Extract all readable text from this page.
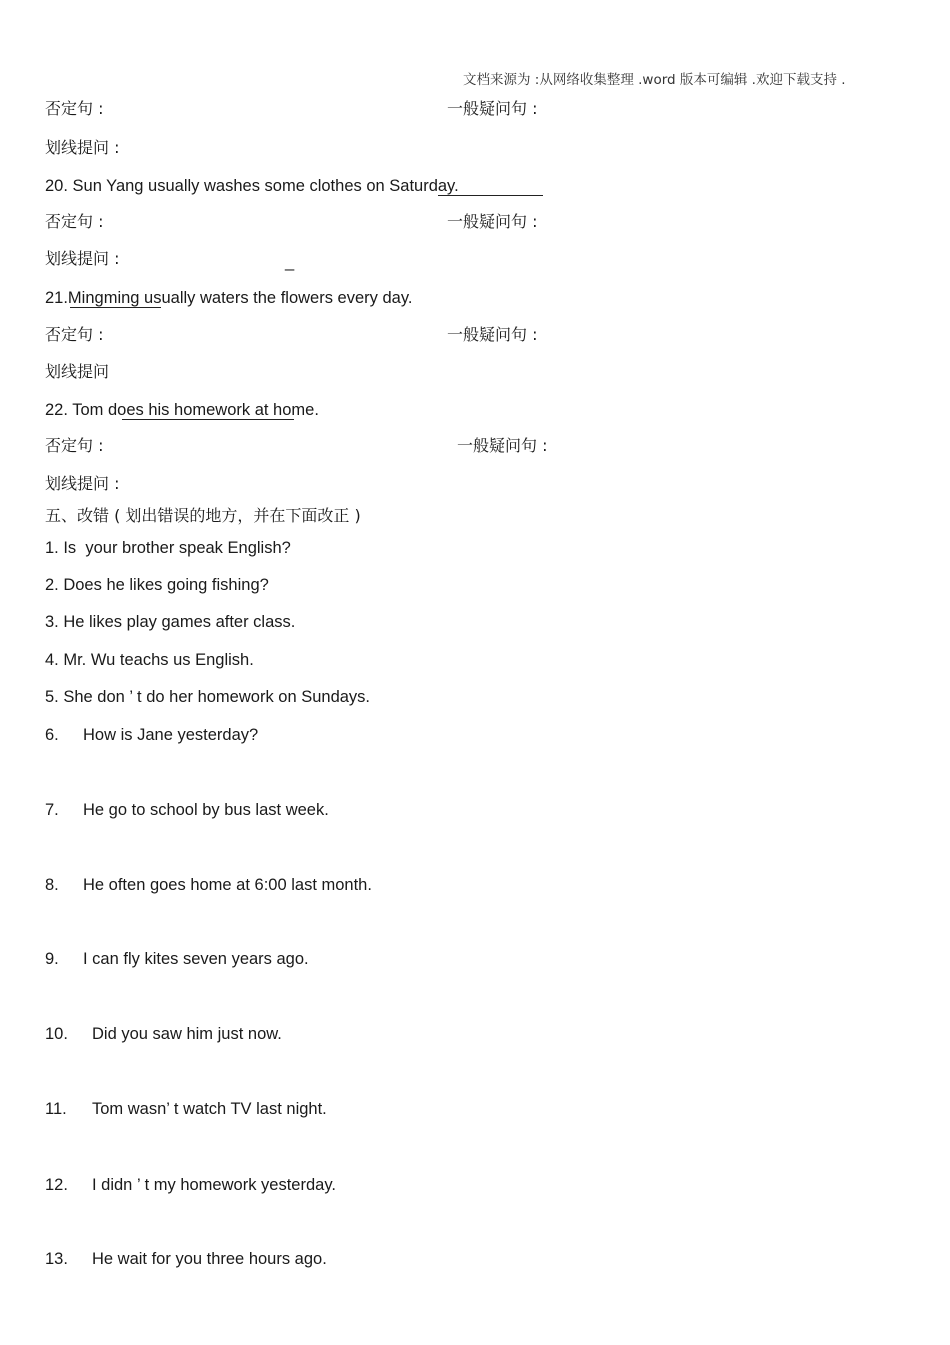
文档来源为 :从网络收集整理 .word 版本可编辑 .欢迎下载支持 .
否定句 :	一般疑问句 :
划线提问 :
20. Sun Yang usually washes some clothes on Saturday.
否定句 :	一般疑问句 :
划线提问 :	_
21.Mingming usually waters the flowers every day.
否定句 :	一般疑问句 :
划线提问
22. Tom does his homework at home.
否定句 :	一般疑问句 :
划线提问 :
五、改错 ( 划出错误的地方，并在下面改正 )
1. Is  your brother speak English?
2. Does he likes going fishing?
3. He likes play games after class.
4. Mr. Wu teachs us English.
5. She don ’ t do her homework on Sundays.
6. How is Jane yesterday?
7. He go to school by bus last week.
8. He often goes home at 6:00 last month.
9. I can fly kites seven years ago.
10. Did you saw him just now.
11. Tom wasn’ t watch TV last night.
12. I didn ’ t my homework yesterday.
13. He wait for you three hours ago.
